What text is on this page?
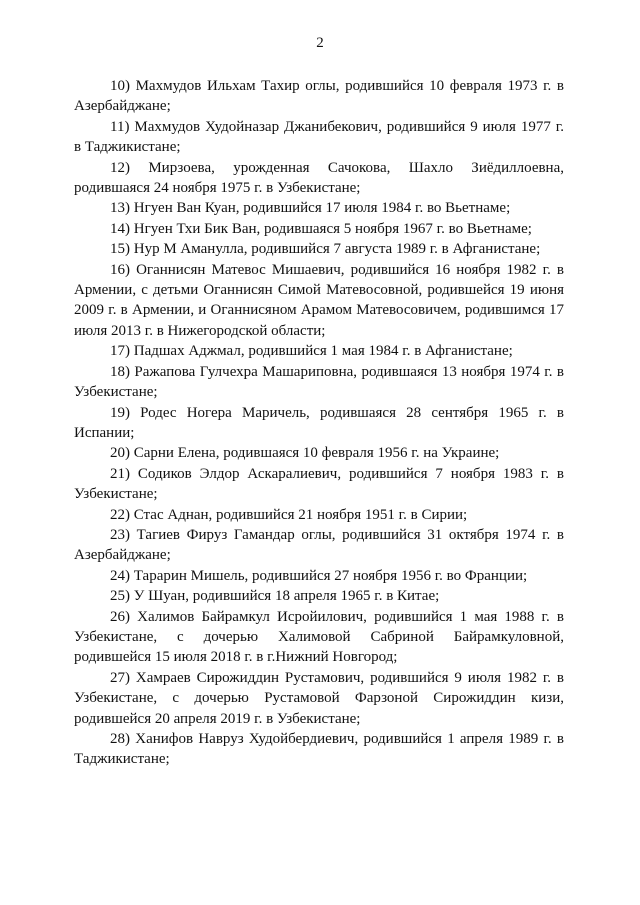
2

10) Махмудов Ильхам Тахир оглы, родившийся 10 февраля 1973 г. в Азербайджане;

11) Махмудов Худойназар Джанибекович, родившийся 9 июля 1977 г. в Таджикистане;

12) Мирзоева, урожденная Сачокова, Шахло Зиёдиллоевна, родившаяся 24 ноября 1975 г. в Узбекистане;

13) Нгуен Ван Куан, родившийся 17 июля 1984 г. во Вьетнаме;

14) Нгуен Тхи Бик Ван, родившаяся 5 ноября 1967 г. во Вьетнаме;

15) Нур М Аманулла, родившийся 7 августа 1989 г. в Афганистане;

16) Оганнисян Матевос Мишаевич, родившийся 16 ноября 1982 г. в Армении, с детьми Оганнисян Симой Матевосовной, родившейся 19 июня 2009 г. в Армении, и Оганнисяном Арамом Матевосовичем, родившимся 17 июля 2013 г. в Нижегородской области;

17) Падшах Аджмал, родившийся 1 мая 1984 г. в Афганистане;

18) Ражапова Гулчехра Машариповна, родившаяся 13 ноября 1974 г. в Узбекистане;

19) Родес Ногера Маричель, родившаяся 28 сентября 1965 г. в Испании;

20) Сарни Елена, родившаяся 10 февраля 1956 г. на Украине;

21) Содиков Элдор Аскаралиевич, родившийся 7 ноября 1983 г. в Узбекистане;

22) Стас Аднан, родившийся 21 ноября 1951 г. в Сирии;

23) Тагиев Фируз Гамандар оглы, родившийся 31 октября 1974 г. в Азербайджане;

24) Тарарин Мишель, родившийся 27 ноября 1956 г. во Франции;

25) У Шуан, родившийся 18 апреля 1965 г. в Китае;

26) Халимов Байрамкул Исройилович, родившийся 1 мая 1988 г. в Узбекистане, с дочерью Халимовой Сабриной Байрамкуловной, родившейся 15 июля 2018 г. в г.Нижний Новгород;

27) Хамраев Сирожиддин Рустамович, родившийся 9 июля 1982 г. в Узбекистане, с дочерью Рустамовой Фарзоной Сирожиддин кизи, родившейся 20 апреля 2019 г. в Узбекистане;

28) Ханифов Навруз Худойбердиевич, родившийся 1 апреля 1989 г. в Таджикистане;
